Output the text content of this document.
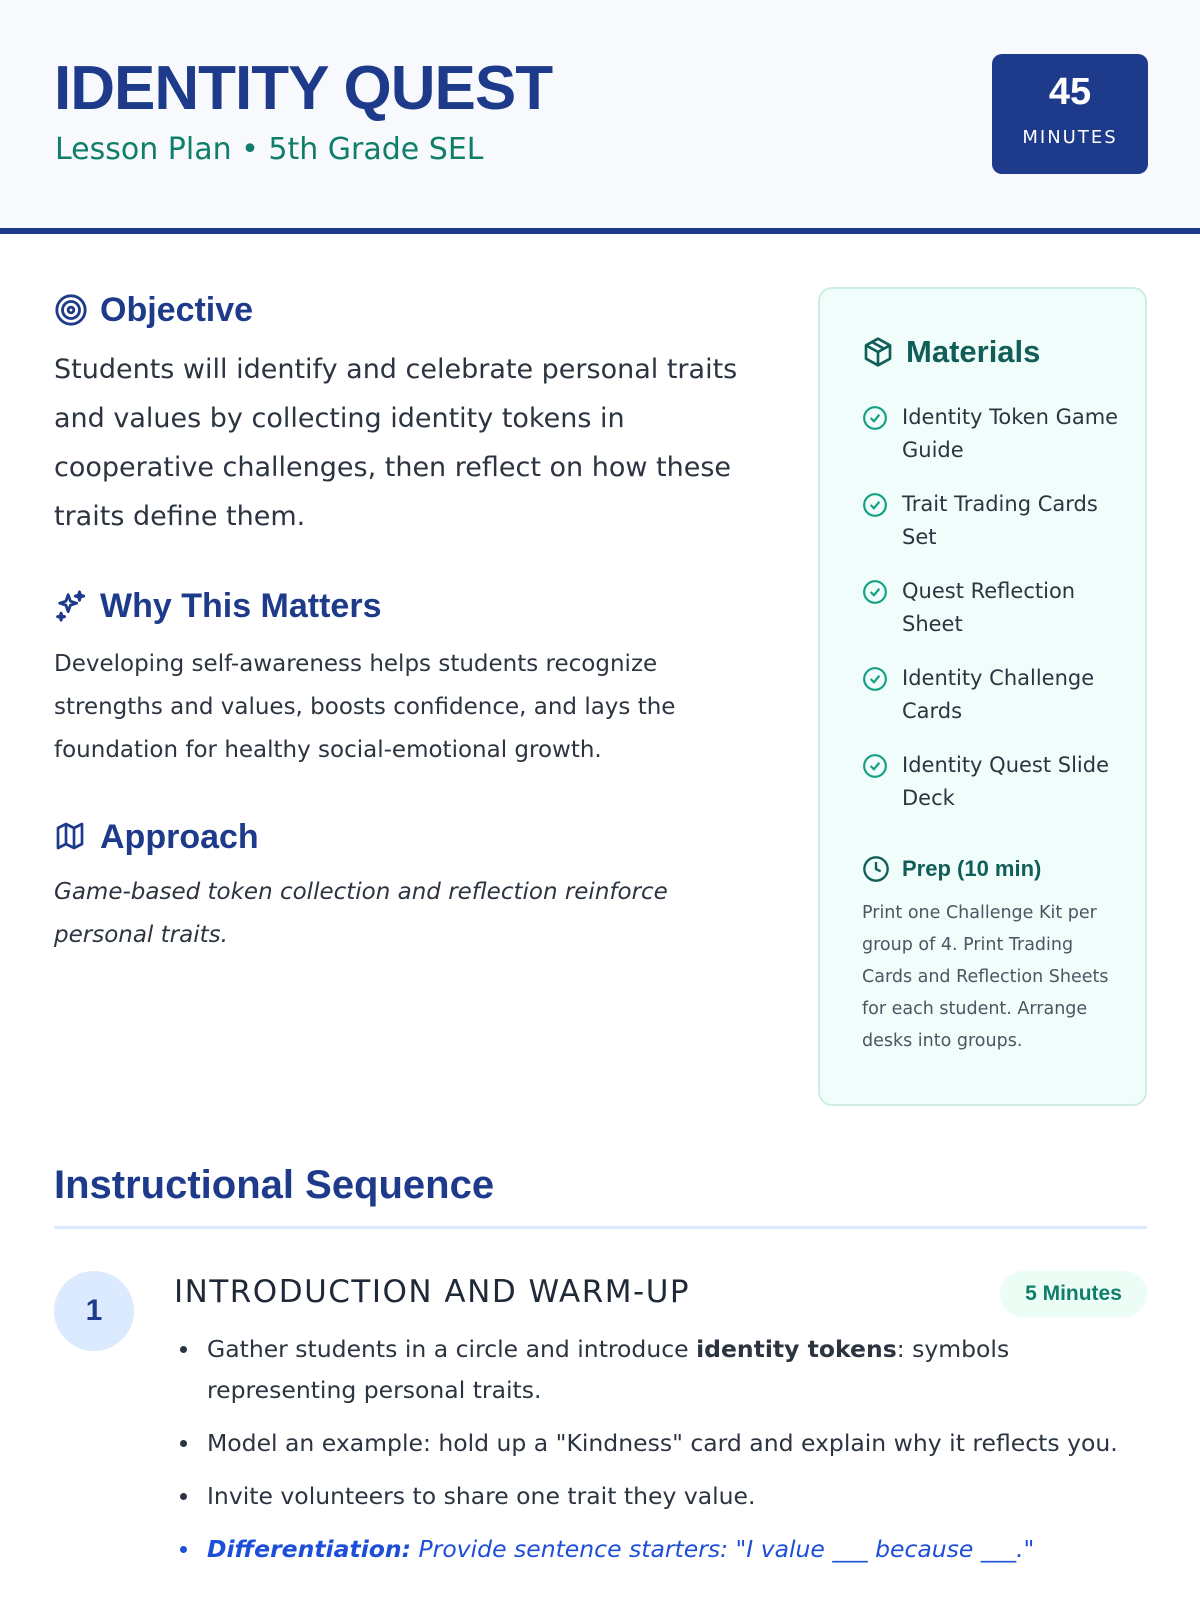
IDENTITY QUEST
Lesson Plan • 5th Grade SEL
45
MINUTES
Objective

Students will identify and celebrate personal traits and values by collecting identity tokens in cooperative challenges, then reflect on how these traits define them.

Why This Matters

Developing self-awareness helps students recognize strengths and values, boosts confidence, and lays the foundation for healthy social-emotional growth.

Approach

Game-based token collection and reflection reinforce personal traits.

Materials
Identity Token Game Guide
Trait Trading Cards Set
Quest Reflection Sheet
Identity Challenge Cards
Identity Quest Slide Deck
Prep (10 min)

Print one Challenge Kit per group of 4. Print Trading Cards and Reflection Sheets for each student. Arrange desks into groups.

Instructional Sequence
1
INTRODUCTION AND WARM-UP	5 Minutes
Gather students in a circle and introduce identity tokens: symbols representing personal traits.
Model an example: hold up a "Kindness" card and explain why it reflects you.
Invite volunteers to share one trait they value.
Differentiation: Provide sentence starters: "I value ___ because ___."
